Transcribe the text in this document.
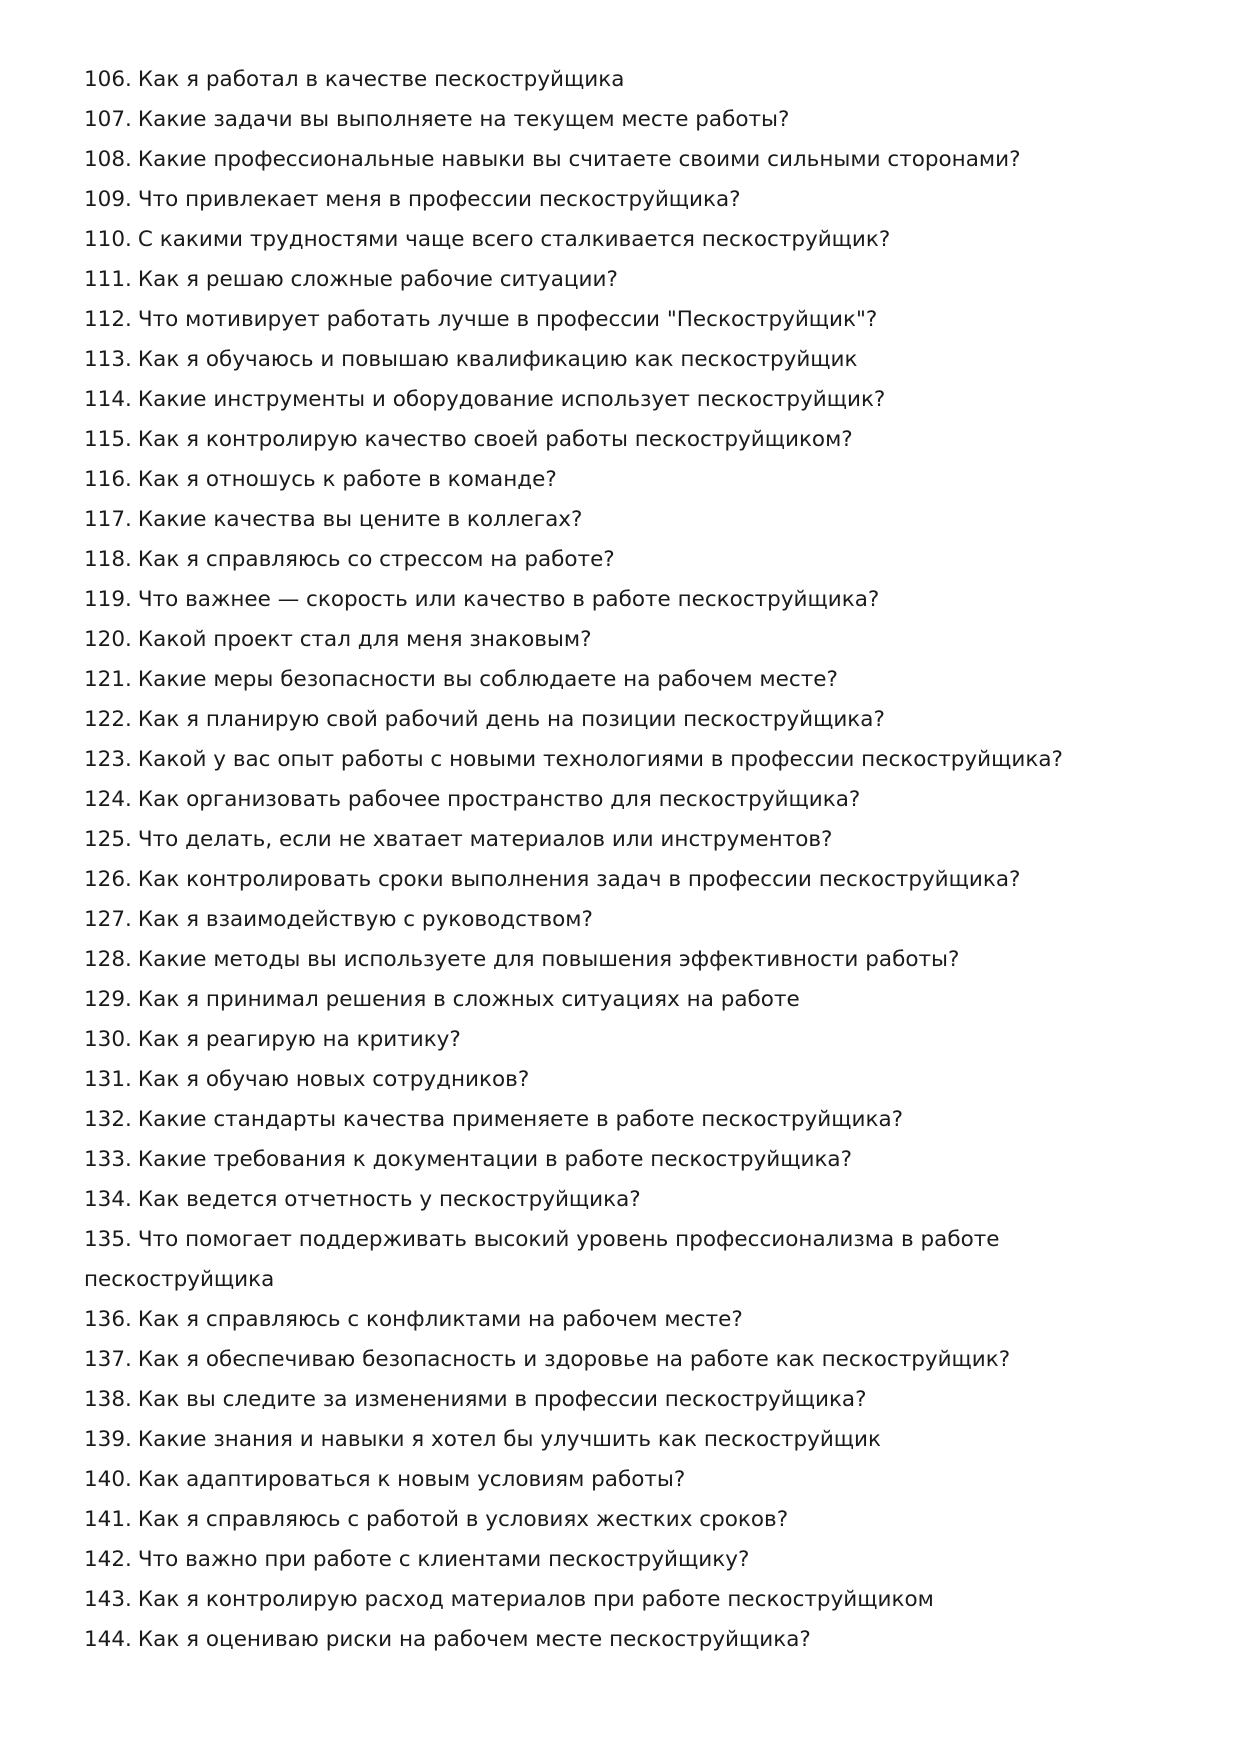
106. Как я работал в качестве пескоструйщика
107. Какие задачи вы выполняете на текущем месте работы?
108. Какие профессиональные навыки вы считаете своими сильными сторонами?
109. Что привлекает меня в профессии пескоструйщика?
110. С какими трудностями чаще всего сталкивается пескоструйщик?
111. Как я решаю сложные рабочие ситуации?
112. Что мотивирует работать лучше в профессии "Пескоструйщик"?
113. Как я обучаюсь и повышаю квалификацию как пескоструйщик
114. Какие инструменты и оборудование использует пескоструйщик?
115. Как я контролирую качество своей работы пескоструйщиком?
116. Как я отношусь к работе в команде?
117. Какие качества вы цените в коллегах?
118. Как я справляюсь со стрессом на работе?
119. Что важнее — скорость или качество в работе пескоструйщика?
120. Какой проект стал для меня знаковым?
121. Какие меры безопасности вы соблюдаете на рабочем месте?
122. Как я планирую свой рабочий день на позиции пескоструйщика?
123. Какой у вас опыт работы с новыми технологиями в профессии пескоструйщика?
124. Как организовать рабочее пространство для пескоструйщика?
125. Что делать, если не хватает материалов или инструментов?
126. Как контролировать сроки выполнения задач в профессии пескоструйщика?
127. Как я взаимодействую с руководством?
128. Какие методы вы используете для повышения эффективности работы?
129. Как я принимал решения в сложных ситуациях на работе
130. Как я реагирую на критику?
131. Как я обучаю новых сотрудников?
132. Какие стандарты качества применяете в работе пескоструйщика?
133. Какие требования к документации в работе пескоструйщика?
134. Как ведется отчетность у пескоструйщика?
135. Что помогает поддерживать высокий уровень профессионализма в работе пескоструйщика
136. Как я справляюсь с конфликтами на рабочем месте?
137. Как я обеспечиваю безопасность и здоровье на работе как пескоструйщик?
138. Как вы следите за изменениями в профессии пескоструйщика?
139. Какие знания и навыки я хотел бы улучшить как пескоструйщик
140. Как адаптироваться к новым условиям работы?
141. Как я справляюсь с работой в условиях жестких сроков?
142. Что важно при работе с клиентами пескоструйщику?
143. Как я контролирую расход материалов при работе пескоструйщиком
144. Как я оцениваю риски на рабочем месте пескоструйщика?
